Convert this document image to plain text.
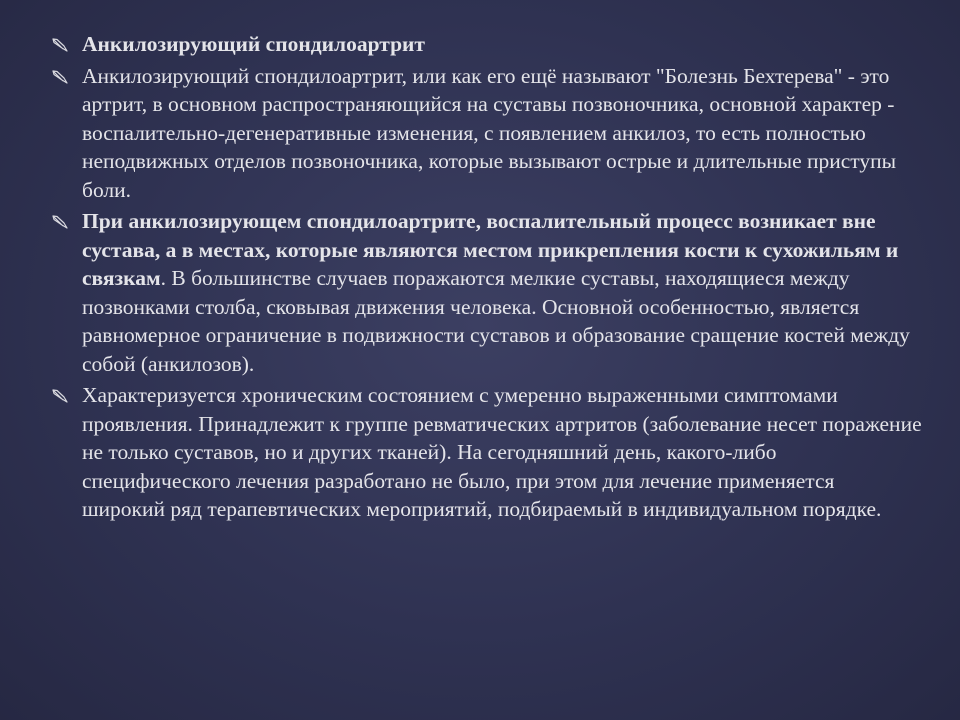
Анкилозирующий спондилоартрит
Анкилозирующий спондилоартрит, или как его ещё называют "Болезнь Бехтерева" - это артрит, в основном распространяющийся на суставы позвоночника, основной характер - воспалительно-дегенеративные изменения, с появлением анкилоз, то есть полностью неподвижных отделов позвоночника, которые вызывают острые и длительные приступы боли.
При анкилозирующем спондилоартрите, воспалительный процесс возникает вне сустава, а в местах, которые являются местом прикрепления кости к сухожильям и связкам. В большинстве случаев поражаются мелкие суставы, находящиеся между позвонками столба, сковывая движения человека. Основной особенностью, является равномерное ограничение в подвижности суставов и образование сращение костей между собой (анкилозов).
Характеризуется хроническим состоянием с умеренно выраженными симптомами проявления. Принадлежит к группе ревматических артритов (заболевание несет поражение не только суставов, но и других тканей). На сегодняшний день, какого-либо специфического лечения разработано не было, при этом для лечение применяется широкий ряд терапевтических мероприятий, подбираемый в индивидуальном порядке.
